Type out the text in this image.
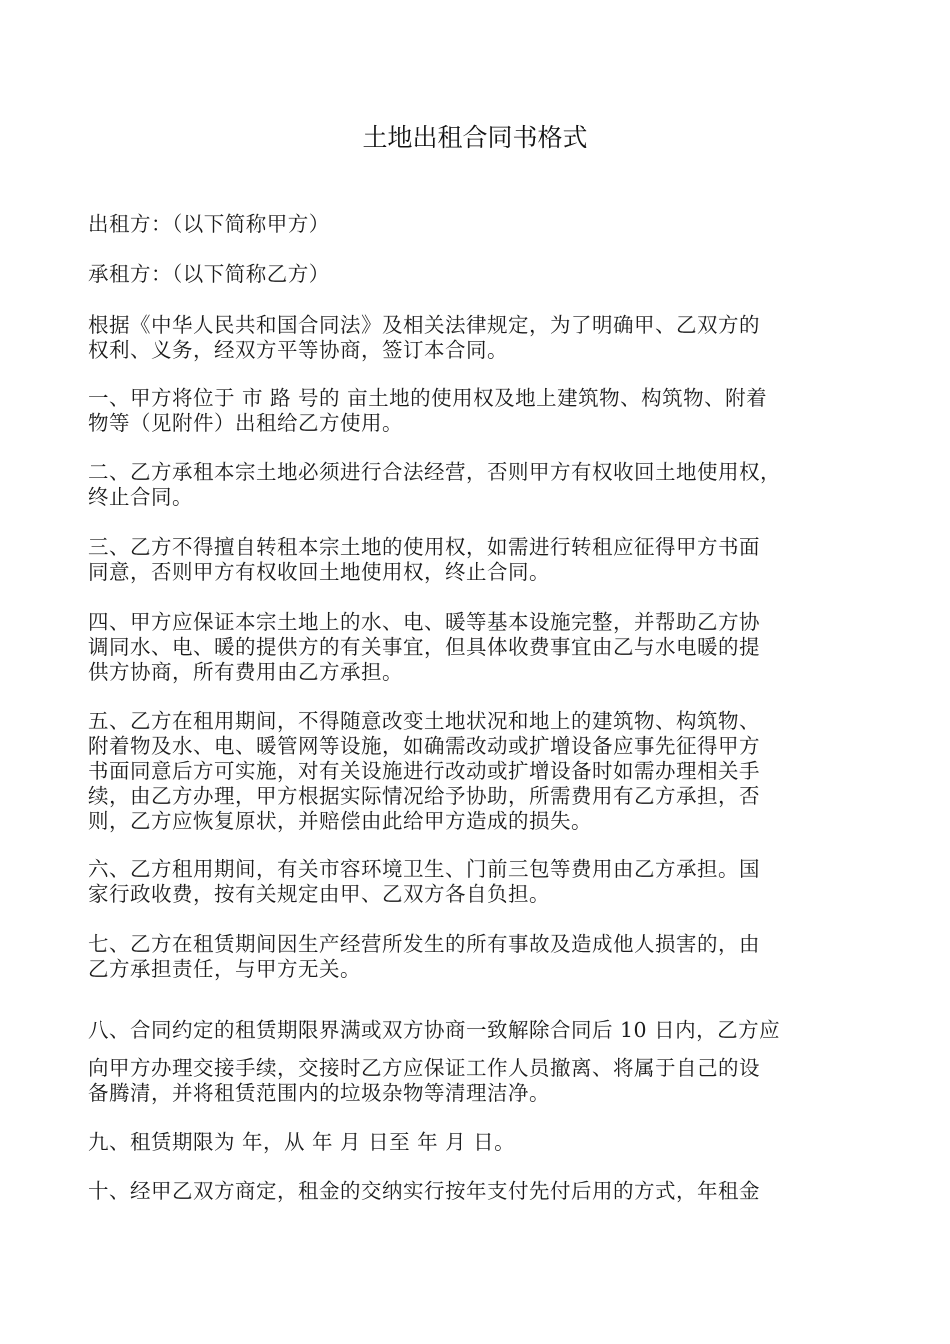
土地出租合同书格式

出租方：（以下简称甲方）

承租方：（以下简称乙方）

根据《中华人民共和国合同法》及相关法律规定，为了明确甲、乙双方的
权利、义务，经双方平等协商，签订本合同。

一、甲方将位于 市 路 号的 亩土地的使用权及地上建筑物、构筑物、附着
物等（见附件）出租给乙方使用。

二、乙方承租本宗土地必须进行合法经营，否则甲方有权收回土地使用权，
终止合同。

三、乙方不得擅自转租本宗土地的使用权，如需进行转租应征得甲方书面
同意，否则甲方有权收回土地使用权，终止合同。

四、甲方应保证本宗土地上的水、电、暖等基本设施完整，并帮助乙方协
调同水、电、暖的提供方的有关事宜，但具体收费事宜由乙与水电暖的提
供方协商，所有费用由乙方承担。

五、乙方在租用期间，不得随意改变土地状况和地上的建筑物、构筑物、
附着物及水、电、暖管网等设施，如确需改动或扩增设备应事先征得甲方
书面同意后方可实施，对有关设施进行改动或扩增设备时如需办理相关手
续，由乙方办理，甲方根据实际情况给予协助，所需费用有乙方承担，否
则，乙方应恢复原状，并赔偿由此给甲方造成的损失。

六、乙方租用期间，有关市容环境卫生、门前三包等费用由乙方承担。国
家行政收费，按有关规定由甲、乙双方各自负担。

七、乙方在租赁期间因生产经营所发生的所有事故及造成他人损害的，由
乙方承担责任，与甲方无关。

八、合同约定的租赁期限界满或双方协商一致解除合同后 10 日内，乙方应

向甲方办理交接手续，交接时乙方应保证工作人员撤离、将属于自己的设
备腾清，并将租赁范围内的垃圾杂物等清理洁净。

九、租赁期限为 年，从 年 月 日至 年 月 日。

十、经甲乙双方商定，租金的交纳实行按年支付先付后用的方式，年租金
